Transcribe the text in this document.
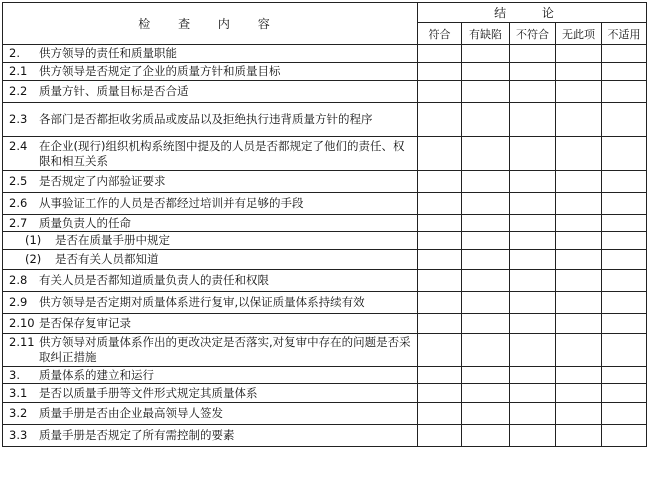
检 查 内 容	结 论				
	符合	有缺陷	不符合	无此项	不适用

2. 供方领导的责任和质量职能					

2.1 供方领导是否规定了企业的质量方针和质量目标					

2.2 质量方针、质量目标是否合适					

2.3 各部门是否都拒收劣质品或废品以及拒绝执行违背质量方针的程序					

2.4 在企业(现行)组织机构系统图中提及的人员是否都规定了他们的责任、权限和相互关系					

2.5 是否规定了内部验证要求					

2.6 从事验证工作的人员是否都经过培训并有足够的手段					

2.7 质量负责人的任命					

(1) 是否在质量手册中规定					

(2) 是否有关人员都知道					

2.8 有关人员是否都知道质量负责人的责任和权限					

2.9 供方领导是否定期对质量体系进行复审,以保证质量体系持续有效					

2.10 是否保存复审记录					

2.11 供方领导对质量体系作出的更改决定是否落实,对复审中存在的问题是否采取纠正措施					

3. 质量体系的建立和运行					

3.1 是否以质量手册等文件形式规定其质量体系					

3.2 质量手册是否由企业最高领导人签发					

3.3 质量手册是否规定了所有需控制的要素					
